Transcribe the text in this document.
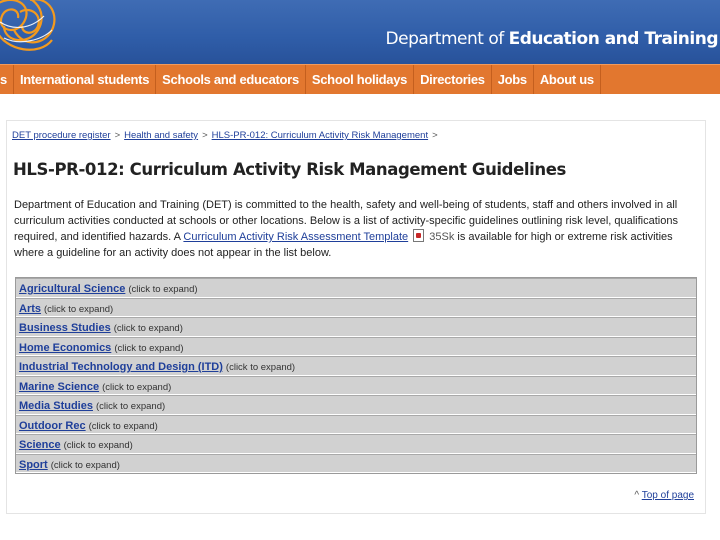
Department of Education and Training
s	International students	Schools and educators	School holidays	Directories	Jobs	About us
DET procedure register > Health and safety > HLS-PR-012: Curriculum Activity Risk Management >
HLS-PR-012: Curriculum Activity Risk Management Guidelines
Department of Education and Training (DET) is committed to the health, safety and well-being of students, staff and others involved in all curriculum activities conducted at schools or other locations. Below is a list of activity-specific guidelines outlining risk level, qualifications required, and identified hazards. A Curriculum Activity Risk Assessment Template 35Sk is available for high or extreme risk activities where a guideline for an activity does not appear in the list below.
Agricultural Science (click to expand)
Arts (click to expand)
Business Studies (click to expand)
Home Economics (click to expand)
Industrial Technology and Design (ITD) (click to expand)
Marine Science (click to expand)
Media Studies (click to expand)
Outdoor Rec (click to expand)
Science (click to expand)
Sport (click to expand)
^ Top of page
